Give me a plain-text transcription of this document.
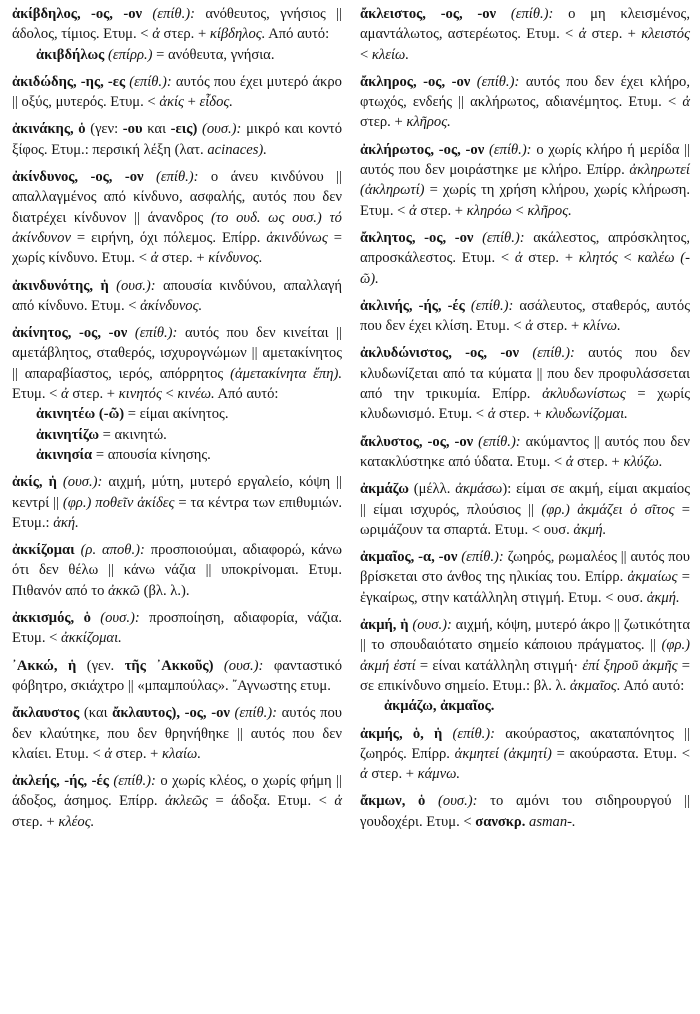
ἀκίβδηλος, -ος, -ον (επίθ.): ανόθευτος, γνήσιος || άδολος, τίμιος. Ετυμ. < ἀ στερ. + κίβδηλος. Από αυτό:
ἀκιβδήλως (επίρρ.) = ανόθευτα, γνήσια.
ἀκιδώδης, -ης, -ες (επίθ.): αυτός που έχει μυτερό άκρο || οξύς, μυτερός. Ετυμ. < ἀκίς + εἶδος.
ἀκινάκης, ὁ (γεν: -ου και -εις) (ουσ.): μικρό και κοντό ξίφος. Ετυμ.: περσική λέξη (λατ. acinaces).
ἀκίνδυνος, -ος, -ον (επίθ.): ο άνευ κινδύνου || απαλλαγμένος από κίνδυνο, ασφαλής, αυτός που δεν διατρέχει κίνδυνον || άνανδρος (το ουδ. ως ουσ.) τό ἀκίνδυνον = ειρήνη, όχι πόλεμος. Επίρρ. ἀκινδύνως = χωρίς κίνδυνο. Ετυμ. < ἀ στερ. + κίνδυνος.
ἀκινδυνότης, ἡ (ουσ.): απουσία κινδύνου, απαλλαγή από κίνδυνο. Ετυμ. < ἀκίνδυνος.
ἀκίνητος, -ος, -ον (επίθ.): αυτός που δεν κινείται || αμετάβλητος, σταθερός, ισχυρογνώμων || αμετακίνητος || απαραβίαστος, ιερός, απόρρητος (ἀμετακίνητα ἔπη). Ετυμ. < ἀ στερ. + κινητός < κινέω. Από αυτό:
ἀκινητέω (-ῶ) = είμαι ακίνητος.
ἀκινητίζω = ακινητώ.
ἀκινησία = απουσία κίνησης.
ἀκίς, ἡ (ουσ.): αιχμή, μύτη, μυτερό εργαλείο, κόψη || κεντρί || (φρ.) ποθεῖν ἀκίδες = τα κέντρα των επιθυμιών. Ετυμ.: ἀκή.
ἀκκίζομαι (ρ. αποθ.): προσποιούμαι, αδιαφορώ, κάνω ότι δεν θέλω || κάνω νάζια || υποκρίνομαι. Ετυμ. Πιθανόν από το ἀκκῶ (βλ. λ.).
ἀκκισμός, ὁ (ουσ.): προσποίηση, αδιαφορία, νάζια. Ετυμ. < ἀκκίζομαι.
᾿Ακκώ, ἡ (γεν. τῆς ᾿Ακκοῦς) (ουσ.): φανταστικό φόβητρο, σκιάχτρο || «μπαμπούλας». ῎Αγνωστης ετυμ.
ἄκλαυστος (και ἄκλαυτος), -ος, -ον (επίθ.): αυτός που δεν κλαύτηκε, που δεν θρηνήθηκε || αυτός που δεν κλαίει. Ετυμ. < ἀ στερ. + κλαίω.
ἀκλεής, -ής, -ές (επίθ.): ο χωρίς κλέος, ο χωρίς φήμη || άδοξος, άσημος. Επίρρ. ἀκλεῶς = άδοξα. Ετυμ. < ἀ στερ. + κλέος.
ἄκλειστος, -ος, -ον (επίθ.): ο μη κλεισμένος, αμαντάλωτος, αστερέωτος. Ετυμ. < ἀ στερ. + κλειστός < κλείω.
ἄκληρος, -ος, -ον (επίθ.): αυτός που δεν έχει κλήρο, φτωχός, ενδεής || ακλήρωτος, αδιανέμητος. Ετυμ. < ἀ στερ. + κλῆρος.
ἀκλήρωτος, -ος, -ον (επίθ.): ο χωρίς κλήρο ή μερίδα || αυτός που δεν μοιράστηκε με κλήρο. Επίρρ. ἀκληρωτεί (ἀκληρωτί) = χωρίς τη χρήση κλήρου, χωρίς κλήρωση. Ετυμ. < ἀ στερ. + κληρόω < κλῆρος.
ἄκλητος, -ος, -ον (επίθ.): ακάλεστος, απρόσκλητος, απροσκάλεστος. Ετυμ. < ἀ στερ. + κλητός < καλέω (-ῶ).
ἀκλινής, -ής, -ές (επίθ.): ασάλευτος, σταθερός, αυτός που δεν έχει κλίση. Ετυμ. < ἀ στερ. + κλίνω.
ἀκλυδώνιστος, -ος, -ον (επίθ.): αυτός που δεν κλυδωνίζεται από τα κύματα || που δεν προφυλάσσεται από την τρικυμία. Επίρρ. ἀκλυδωνίστως = χωρίς κλυδωνισμό. Ετυμ. < ἀ στερ. + κλυδωνίζομαι.
ἄκλυστος, -ος, -ον (επίθ.): ακύμαντος || αυτός που δεν κατακλύστηκε από ύδατα. Ετυμ. < ἀ στερ. + κλύζω.
ἀκμάζω (μέλλ. ἀκμάσω): είμαι σε ακμή, είμαι ακμαίος || είμαι ισχυρός, πλούσιος || (φρ.) ἀκμάζει ὁ σῖτος = ωριμάζουν τα σπαρτά. Ετυμ. < ουσ. ἀκμή.
ἀκμαῖος, -α, -ον (επίθ.): ζωηρός, ρωμαλέος || αυτός που βρίσκεται στο άνθος της ηλικίας του. Επίρρ. ἀκμαίως = ἐγκαίρως, στην κατάλληλη στιγμή. Ετυμ. < ουσ. ἀκμή.
ἀκμή, ἡ (ουσ.): αιχμή, κόψη, μυτερό άκρο || ζωτικότητα || το σπουδαιότατο σημείο κάποιου πράγματος. || (φρ.) ἀκμή ἐστί = είναι κατάλληλη στιγμή· ἐπί ξηροῦ ἀκμῆς = σε επικίνδυνο σημείο. Ετυμ.: βλ. λ. ἀκμαῖος. Από αυτό:
ἀκμάζω, ἀκμαῖος.
ἀκμής, ὁ, ἡ (επίθ.): ακούραστος, ακαταπόνητος || ζωηρός. Επίρρ. ἀκμητεί (ἀκμητί) = ακούραστα. Ετυμ. < ἀ στερ. + κάμνω.
ἄκμων, ὁ (ουσ.): το αμόνι του σιδηρουργού || γουδοχέρι. Ετυμ. < σανσκρ. asman-.
